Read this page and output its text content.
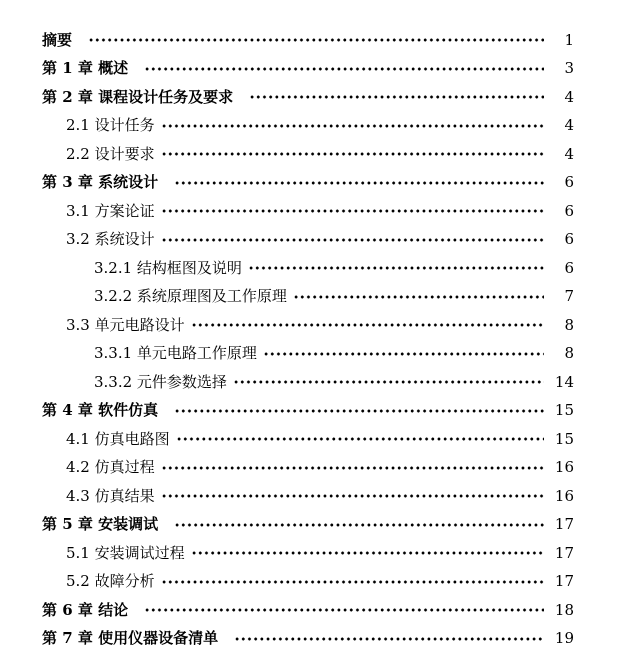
摘要	1
第 1 章 概述	3
第 2 章 课程设计任务及要求	4
2.1 设计任务	4
2.2 设计要求	4
第 3 章 系统设计	6
3.1 方案论证	6
3.2 系统设计	6
3.2.1 结构框图及说明	6
3.2.2 系统原理图及工作原理	7
3.3 单元电路设计	8
3.3.1 单元电路工作原理	8
3.3.2 元件参数选择	14
第 4 章 软件仿真	15
4.1 仿真电路图	15
4.2 仿真过程	16
4.3 仿真结果	16
第 5 章 安装调试	17
5.1 安装调试过程	17
5.2 故障分析	17
第 6 章 结论	18
第 7 章 使用仪器设备清单	19
